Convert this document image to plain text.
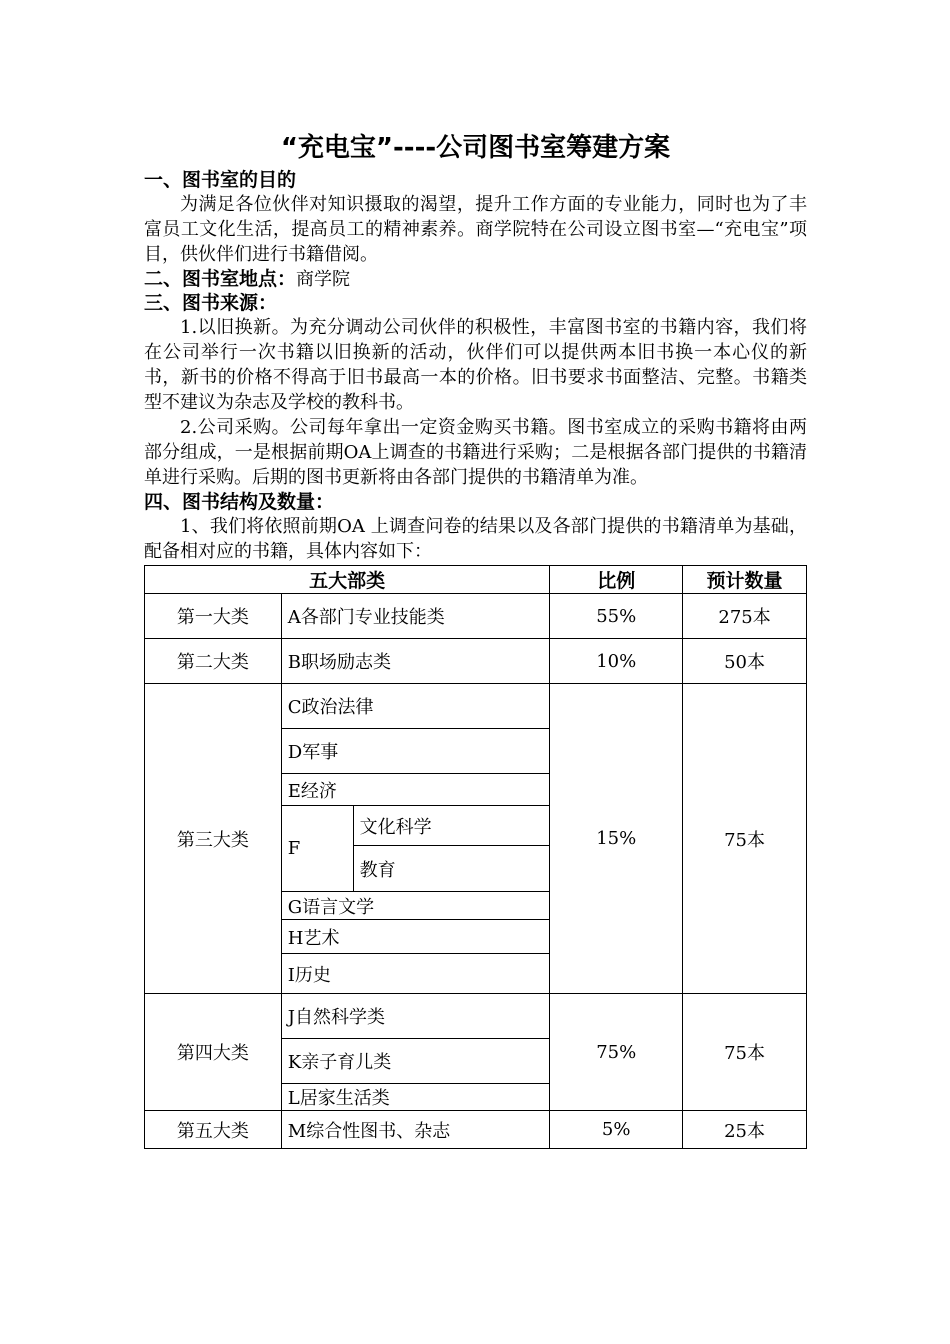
“充电宝”----公司图书室筹建方案
一、图书室的目的
为满足各位伙伴对知识摄取的渴望，提升工作方面的专业能力，同时也为了丰富员工文化生活，提高员工的精神素养。商学院特在公司设立图书室—“充电宝”项目，供伙伴们进行书籍借阅。
二、图书室地点：商学院
三、图书来源：
1.以旧换新。为充分调动公司伙伴的积极性，丰富图书室的书籍内容，我们将在公司举行一次书籍以旧换新的活动，伙伴们可以提供两本旧书换一本心仪的新书，新书的价格不得高于旧书最高一本的价格。旧书要求书面整洁、完整。书籍类型不建议为杂志及学校的教科书。
2.公司采购。公司每年拿出一定资金购买书籍。图书室成立的采购书籍将由两部分组成，一是根据前期OA上调查的书籍进行采购；二是根据各部门提供的书籍清单进行采购。后期的图书更新将由各部门提供的书籍清单为准。
四、图书结构及数量：
1、我们将依照前期OA 上调查问卷的结果以及各部门提供的书籍清单为基础，配备相对应的书籍，具体内容如下：
五大部类			比例	预计数量
第一大类	A各部门专业技能类		55%	275本
第二大类	B职场励志类		10%	50本
第三大类	C政治法律		15%	75本
	D军事			
	E经济			
	F	文化科学		
		教育		
	G语言文学			
	H艺术			
	I历史			
第四大类	J自然科学类		75%	75本
	K亲子育儿类			
	L居家生活类			
第五大类	M综合性图书、杂志		5%	25本
